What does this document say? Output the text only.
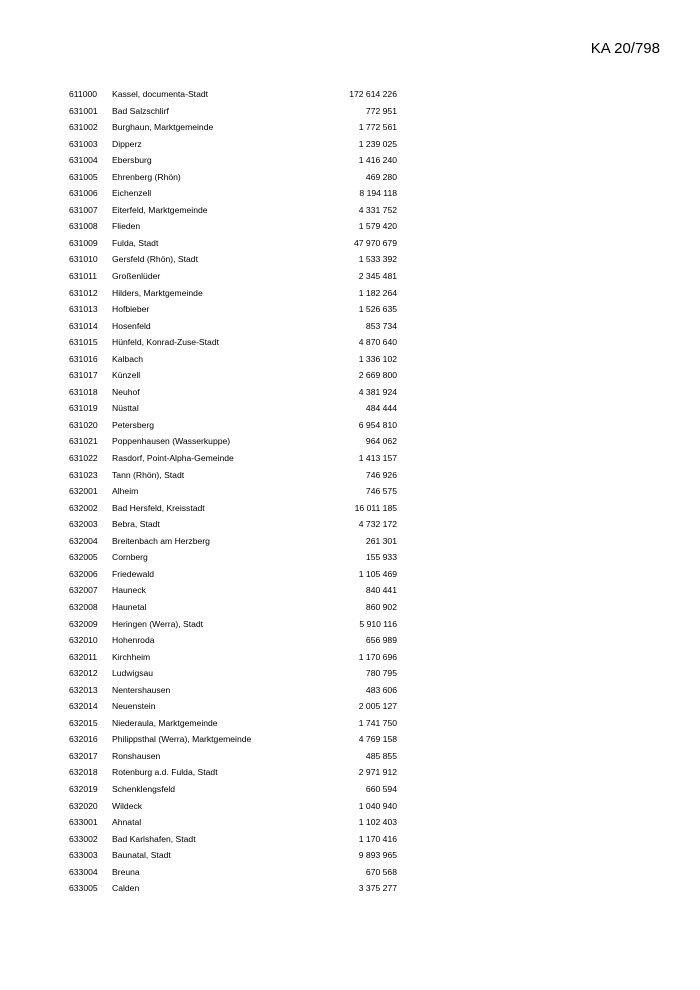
KA 20/798
611000 Kassel, documenta-Stadt	172 614 226
631001 Bad Salzschlirf	772 951
631002 Burghaun, Marktgemeinde	1 772 561
631003 Dipperz	1 239 025
631004 Ebersburg	1 416 240
631005 Ehrenberg (Rhön)	469 280
631006 Eichenzell	8 194 118
631007 Eiterfeld, Marktgemeinde	4 331 752
631008 Flieden	1 579 420
631009 Fulda, Stadt	47 970 679
631010 Gersfeld (Rhön), Stadt	1 533 392
631011 Großenlüder	2 345 481
631012 Hilders, Marktgemeinde	1 182 264
631013 Hofbieber	1 526 635
631014 Hosenfeld	853 734
631015 Hünfeld, Konrad-Zuse-Stadt	4 870 640
631016 Kalbach	1 336 102
631017 Künzell	2 669 800
631018 Neuhof	4 381 924
631019 Nüsttal	484 444
631020 Petersberg	6 954 810
631021 Poppenhausen (Wasserkuppe)	964 062
631022 Rasdorf, Point-Alpha-Gemeinde	1 413 157
631023 Tann (Rhön), Stadt	746 926
632001 Alheim	746 575
632002 Bad Hersfeld, Kreisstadt	16 011 185
632003 Bebra, Stadt	4 732 172
632004 Breitenbach am Herzberg	261 301
632005 Cornberg	155 933
632006 Friedewald	1 105 469
632007 Hauneck	840 441
632008 Haunetal	860 902
632009 Heringen (Werra), Stadt	5 910 116
632010 Hohenroda	656 989
632011 Kirchheim	1 170 696
632012 Ludwigsau	780 795
632013 Nentershausen	483 606
632014 Neuenstein	2 005 127
632015 Niederaula, Marktgemeinde	1 741 750
632016 Philippsthal (Werra), Marktgemeinde	4 769 158
632017 Ronshausen	485 855
632018 Rotenburg a.d. Fulda, Stadt	2 971 912
632019 Schenklengsfeld	660 594
632020 Wildeck	1 040 940
633001 Ahnatal	1 102 403
633002 Bad Karlshafen, Stadt	1 170 416
633003 Baunatal, Stadt	9 893 965
633004 Breuna	670 568
633005 Calden	3 375 277
